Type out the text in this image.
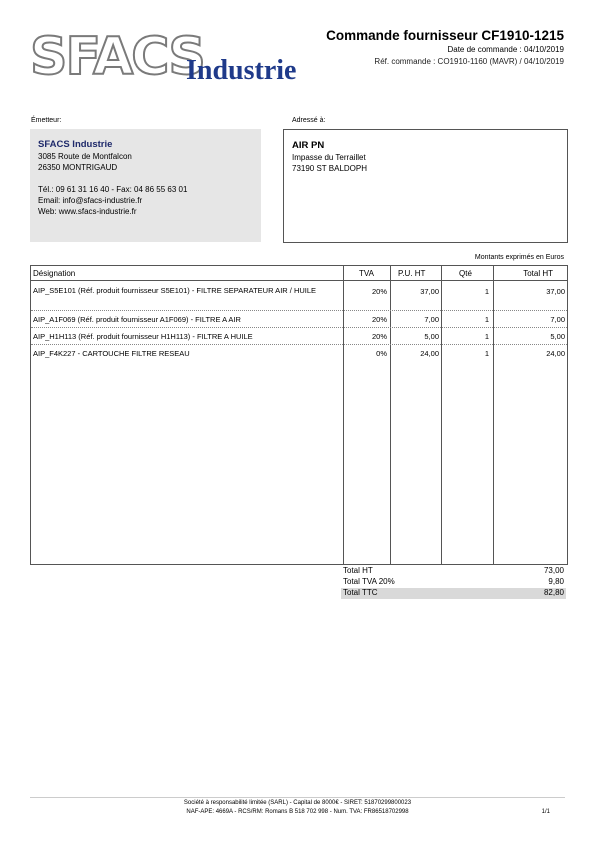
SFACS
Industrie
Commande fournisseur CF1910-1215
Date de commande : 04/10/2019
Réf. commande : CO1910-1160 (MAVR) / 04/10/2019
Émetteur:	Adressé à:
SFACS Industrie
3085 Route de Montfalcon
26350 MONTRIGAUD
Tél.: 09 61 31 16 40 - Fax: 04 86 55 63 01
Email: info@sfacs-industrie.fr
Web: www.sfacs-industrie.fr
AIR PN
Impasse du Terraillet
73190 ST BALDOPH
Montants exprimés en Euros
Désignation	TVA	P.U. HT	Qté	Total HT
AIP_S5E101 (Réf. produit fournisseur S5E101) - FILTRE SEPARATEUR AIR / HUILE	20%	37,00	1	37,00
AIP_A1F069 (Réf. produit fournisseur A1F069) - FILTRE A AIR	20%	7,00	1	7,00
AIP_H1H113 (Réf. produit fournisseur H1H113) - FILTRE A HUILE	20%	5,00	1	5,00
AIP_F4K227 - CARTOUCHE FILTRE RESEAU	0%	24,00	1	24,00
Total HT	73,00
Total TVA 20%	9,80
Total TTC	82,80
Société à responsabilité limitée (SARL) - Capital de 8000€ - SIRET: 51870299800023
NAF-APE: 4669A - RCS/RM: Romans B 518 702 998 - Num. TVA: FR86518702998	1/1
